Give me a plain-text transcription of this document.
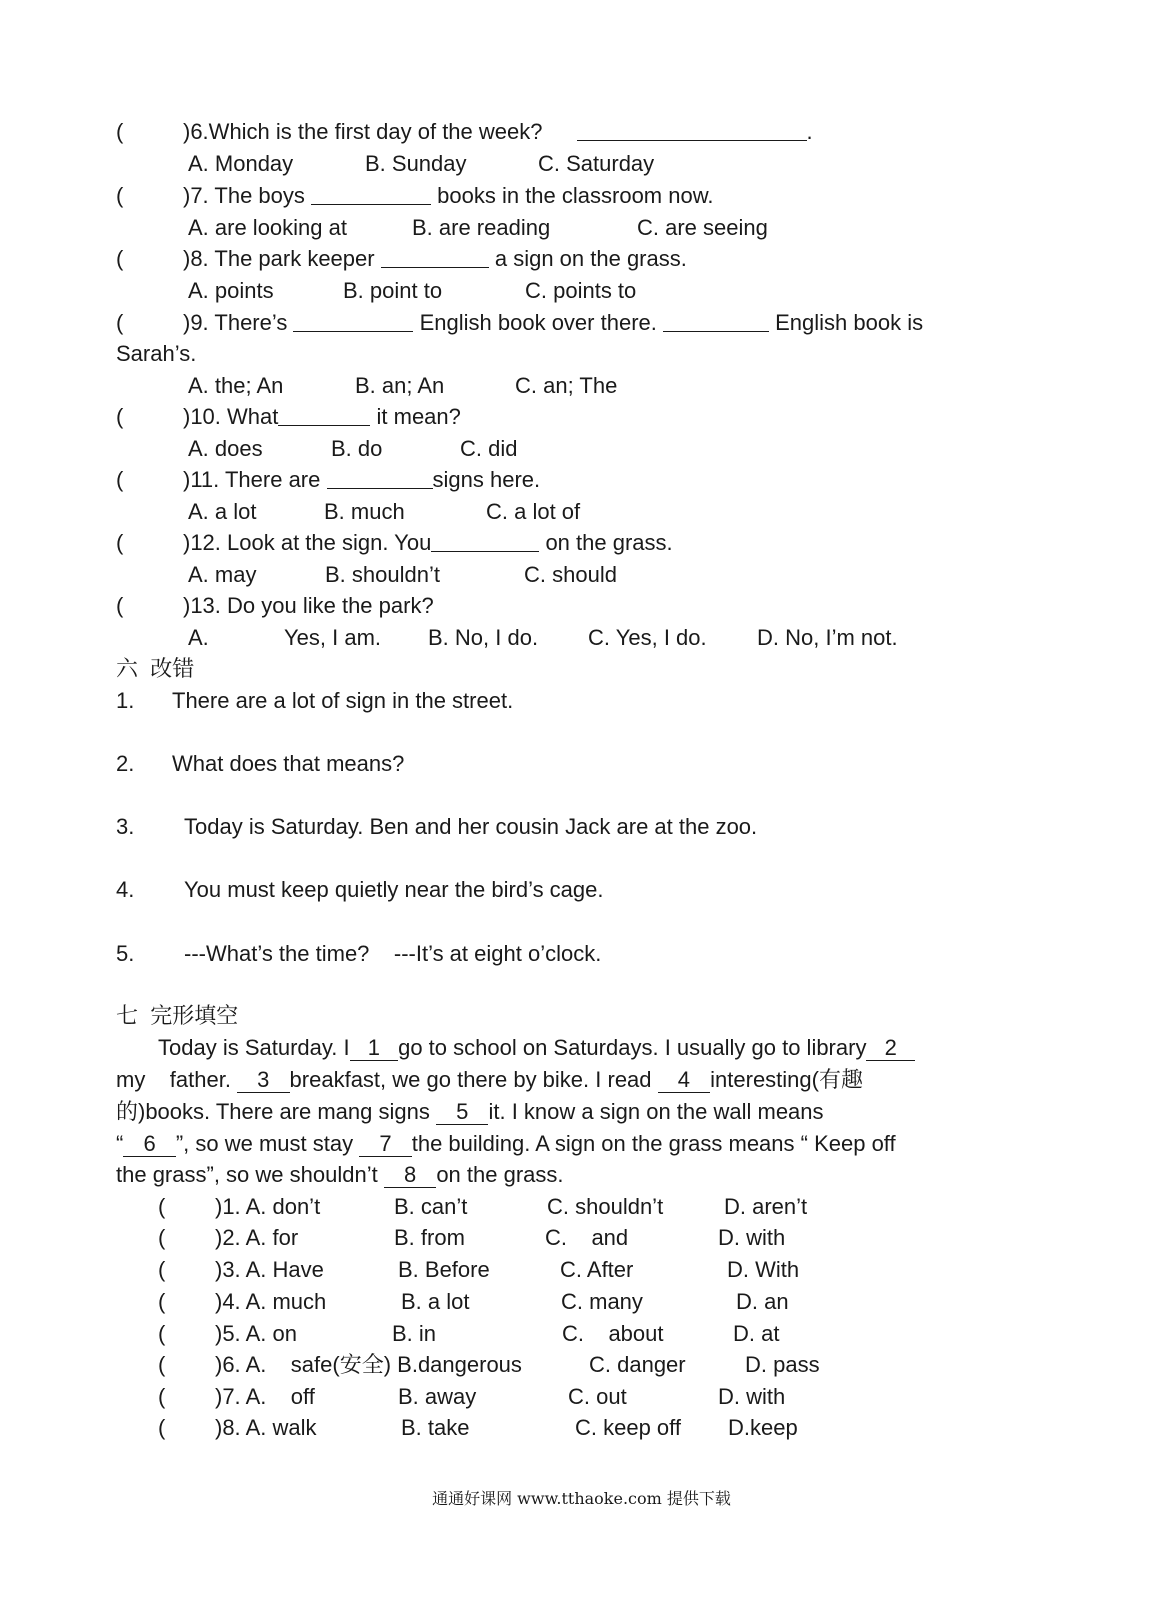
(	)6.Which is the first day of the week?	.
A. Monday	B. Sunday	C. Saturday
(	)7. The boys	books in the classroom now.
A. are looking at	B. are reading	C. are seeing
(	)8. The park keeper	a sign on the grass.
A. points	B. point to	C. points to
(	)9. There’s	English book over there.	English book is
Sarah’s.
A. the; An	B. an; An	C. an; The
(	)10. What	it mean?
A. does	B. do	C. did
(	)11. There are	signs here.
A. a lot	B. much	C. a lot of
(	)12. Look at the sign. You	on the grass.
A. may	B. shouldn’t	C. should
(	)13. Do you like the park?
A.	Yes, I am. B. No, I do. C. Yes, I do. D. No, I’m not.
六  改错
1. There are a lot of sign in the street.
2. What does that means?
3. Today is Saturday. Ben and her cousin Jack are at the zoo.
4. You must keep quietly near the bird’s cage.
5. ---What’s the time?    ---It’s at eight o’clock.
七  完形填空
Today is Saturday. I 1 go to school on Saturdays. I usually go to library 2
my    father.  3 breakfast, we go there by bike. I read  4 interesting(有趣
的)books. There are mang signs  5 it. I know a sign on the wall means
“ 6 ”, so we must stay  7 the building. A sign on the grass means “ Keep off
the grass”, so we shouldn’t  8 on the grass.
( )1. A. don’t	B. can’t	C. shouldn’t	D. aren’t
( )2. A. for	B. from	C.    and	D. with
( )3. A. Have	B. Before	C. After	D. With
( )4. A. much	B. a lot	C. many	D. an
( )5. A. on	B. in	C.    about	D. at
( )6. A.    safe(安全) B.dangerous	C. danger	D. pass
( )7. A.    off	B. away	C. out	D. with
( )8. A. walk	B. take	C. keep off D.keep
通通好课网 www.tthaoke.com 提供下载
